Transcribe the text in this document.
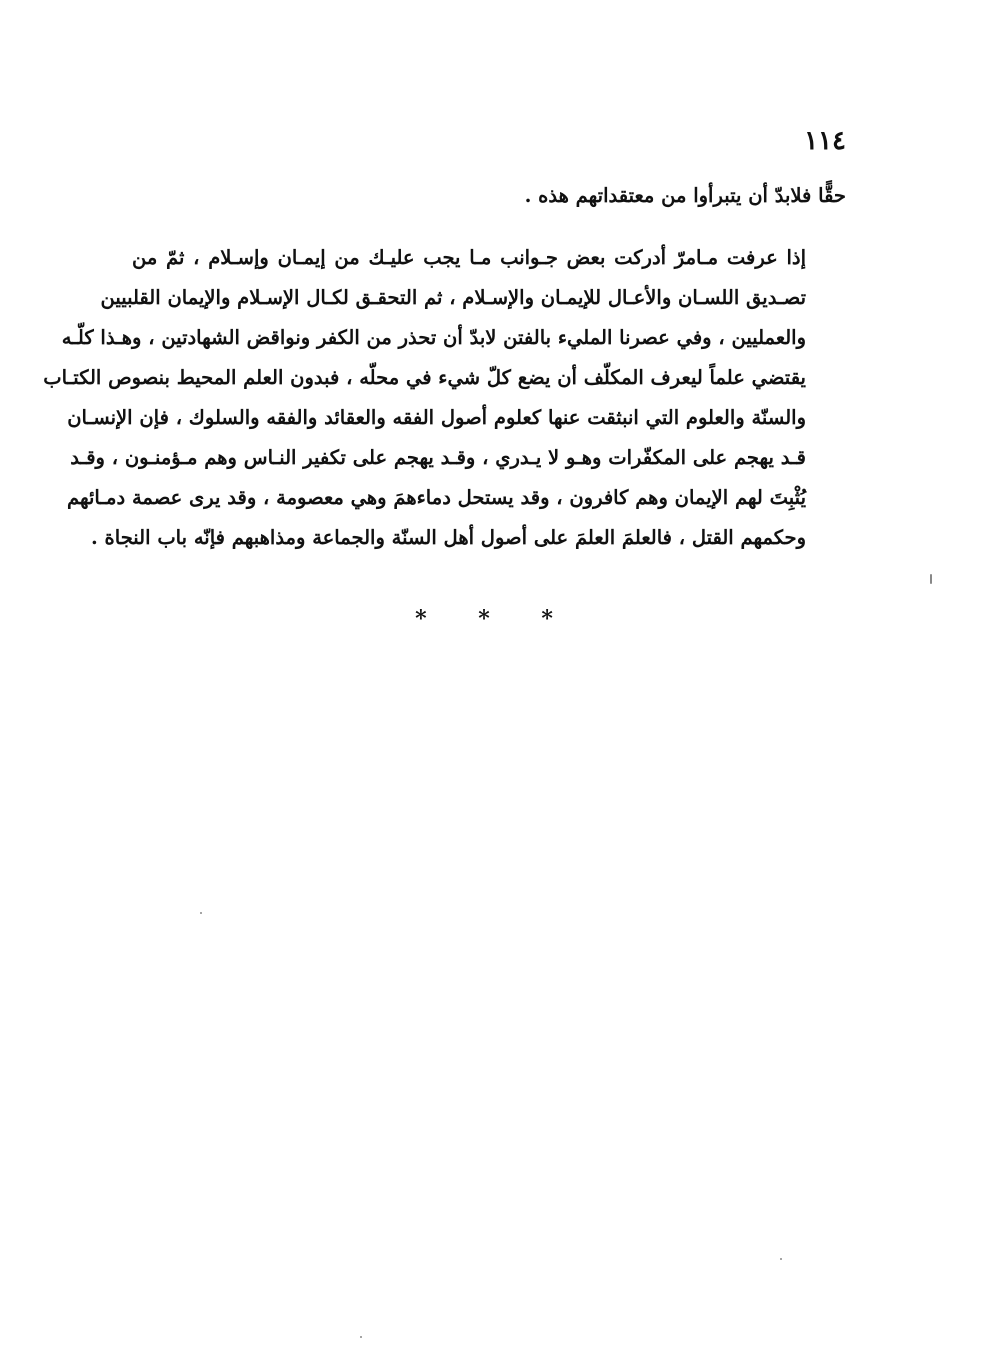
١١٤
حقًّا فلابدّ أن يتبرأوا من معتقداتهم هذه .
إذا عرفت مـامرّ أدركت بعض جـوانب مـا يجب عليـك من إيمـان وإسـلام ، ثمّ من
تصـديق اللسـان والأعـال للإيمـان والإسـلام ، ثم التحقـق لكـال الإسـلام والإيمان القلبيين
والعمليين ، وفي عصرنا المليء بالفتن لابدّ أن تحذر من الكفر ونواقض الشهادتين ، وهـذا كلّـه
يقتضي علماً ليعرف المكلّف أن يضع كلّ شيء في محلّه ، فبدون العلم المحيط بنصوص الكتـاب
والسنّة والعلوم التي انبثقت عنها كعلوم أصول الفقه والعقائد والفقه والسلوك ، فإن الإنسـان
قـد يهجم على المكفّرات وهـو لا يـدري ، وقـد يهجم على تكفير النـاس وهم مـؤمنـون ، وقـد
يُثْبِتَ لهم الإيمان وهم كافرون ، وقد يستحل دماءهمَ وهي معصومة ، وقد يرى عصمة دمـائهم
وحكمهم القتل ، فالعلمَ العلمَ على أصول أهل السنّة والجماعة ومذاهبهم فإنّه باب النجاة .
* * *
